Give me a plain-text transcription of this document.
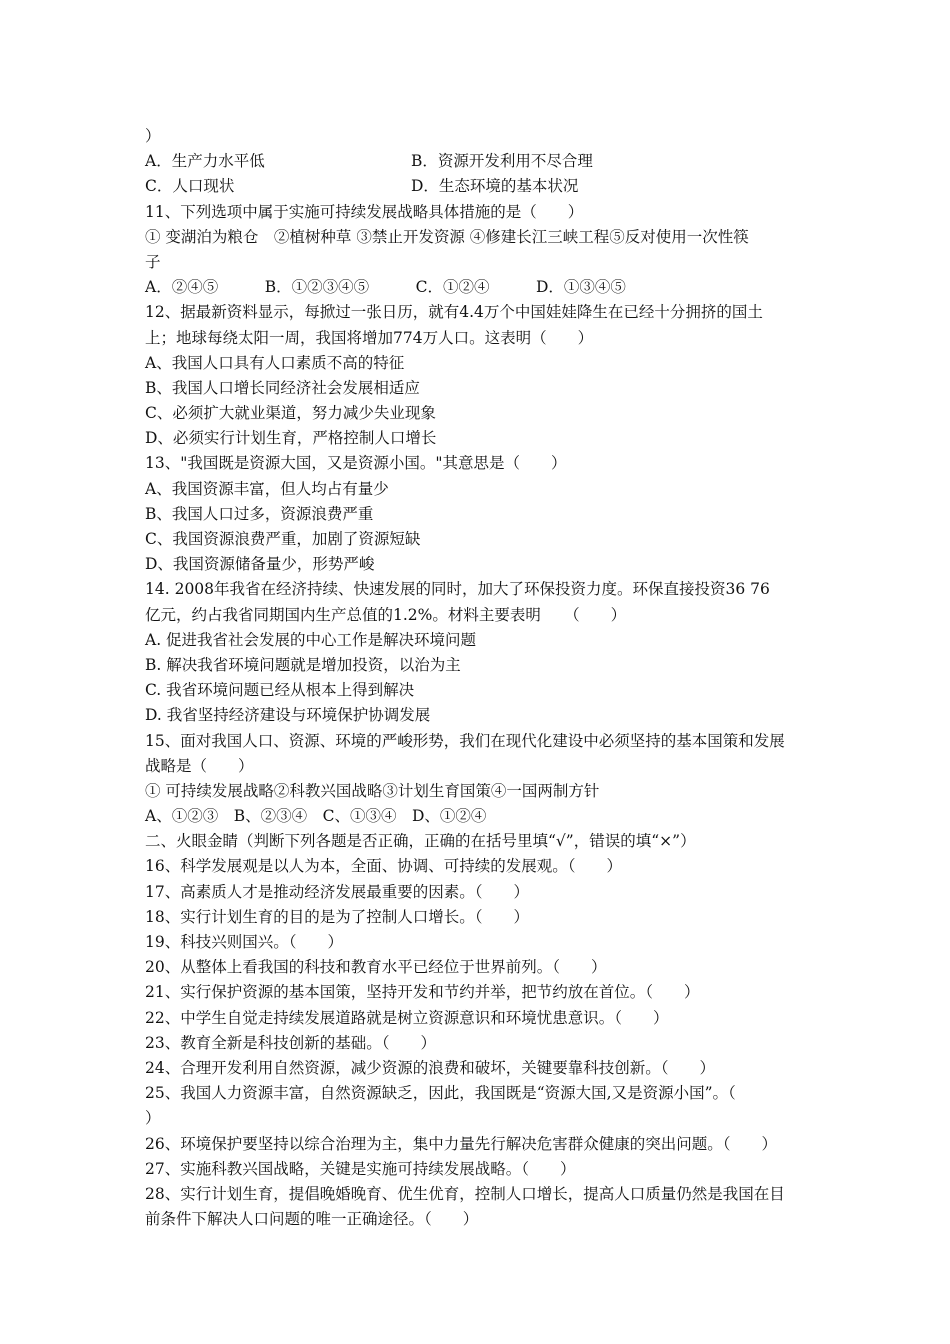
）
A．生产力水平低	B．资源开发利用不尽合理
C．人口现状	D．生态环境的基本状况
11、下列选项中属于实施可持续发展战略具体措施的是（　　）
① 变湖泊为粮仓　②植树种草 ③禁止开发资源 ④修建长江三峡工程⑤反对使用一次性筷
子
A．②④⑤　　　B．①②③④⑤　　　C．①②④　　　D．①③④⑤
12、据最新资料显示，每掀过一张日历，就有4.4万个中国娃娃降生在已经十分拥挤的国土
上；地球每绕太阳一周，我国将增加774万人口。这表明（　　）
A、我国人口具有人口素质不高的特征
B、我国人口增长同经济社会发展相适应
C、必须扩大就业渠道，努力减少失业现象
D、必须实行计划生育，严格控制人口增长
13、"我国既是资源大国，又是资源小国。"其意思是（　　）
A、我国资源丰富，但人均占有量少
B、我国人口过多，资源浪费严重
C、我国资源浪费严重，加剧了资源短缺
D、我国资源储备量少，形势严峻
14. 2008年我省在经济持续、快速发展的同时，加大了环保投资力度。环保直接投资36 76
亿元，约占我省同期国内生产总值的1.2%。材料主要表明　　（　　）
A. 促进我省社会发展的中心工作是解决环境问题
B. 解决我省环境问题就是增加投资，以治为主
C. 我省环境问题已经从根本上得到解决
D. 我省坚持经济建设与环境保护协调发展
15、面对我国人口、资源、环境的严峻形势，我们在现代化建设中必须坚持的基本国策和发展
战略是（　　）
① 可持续发展战略②科教兴国战略③计划生育国策④一国两制方针
A、①②③　B、②③④　C、①③④　D、①②④
二、火眼金睛（判断下列各题是否正确，正确的在括号里填“√”，错误的填“×”）
16、科学发展观是以人为本，全面、协调、可持续的发展观。（　　）
17、高素质人才是推动经济发展最重要的因素。（　　）
18、实行计划生育的目的是为了控制人口增长。（　　）
19、科技兴则国兴。（　　）
20、从整体上看我国的科技和教育水平已经位于世界前列。（　　）
21、实行保护资源的基本国策，坚持开发和节约并举，把节约放在首位。（　　）
22、中学生自觉走持续发展道路就是树立资源意识和环境忧患意识。（　　）
23、教育全新是科技创新的基础。（　　）
24、合理开发利用自然资源，减少资源的浪费和破坏，关键要靠科技创新。（　　）
25、我国人力资源丰富，自然资源缺乏，因此，我国既是“资源大国,又是资源小国”。（
）
26、环境保护要坚持以综合治理为主，集中力量先行解决危害群众健康的突出问题。（　　）
27、实施科教兴国战略，关键是实施可持续发展战略。（　　）
28、实行计划生育，提倡晚婚晚育、优生优育，控制人口增长，提高人口质量仍然是我国在目
前条件下解决人口问题的唯一正确途径。（　　）
